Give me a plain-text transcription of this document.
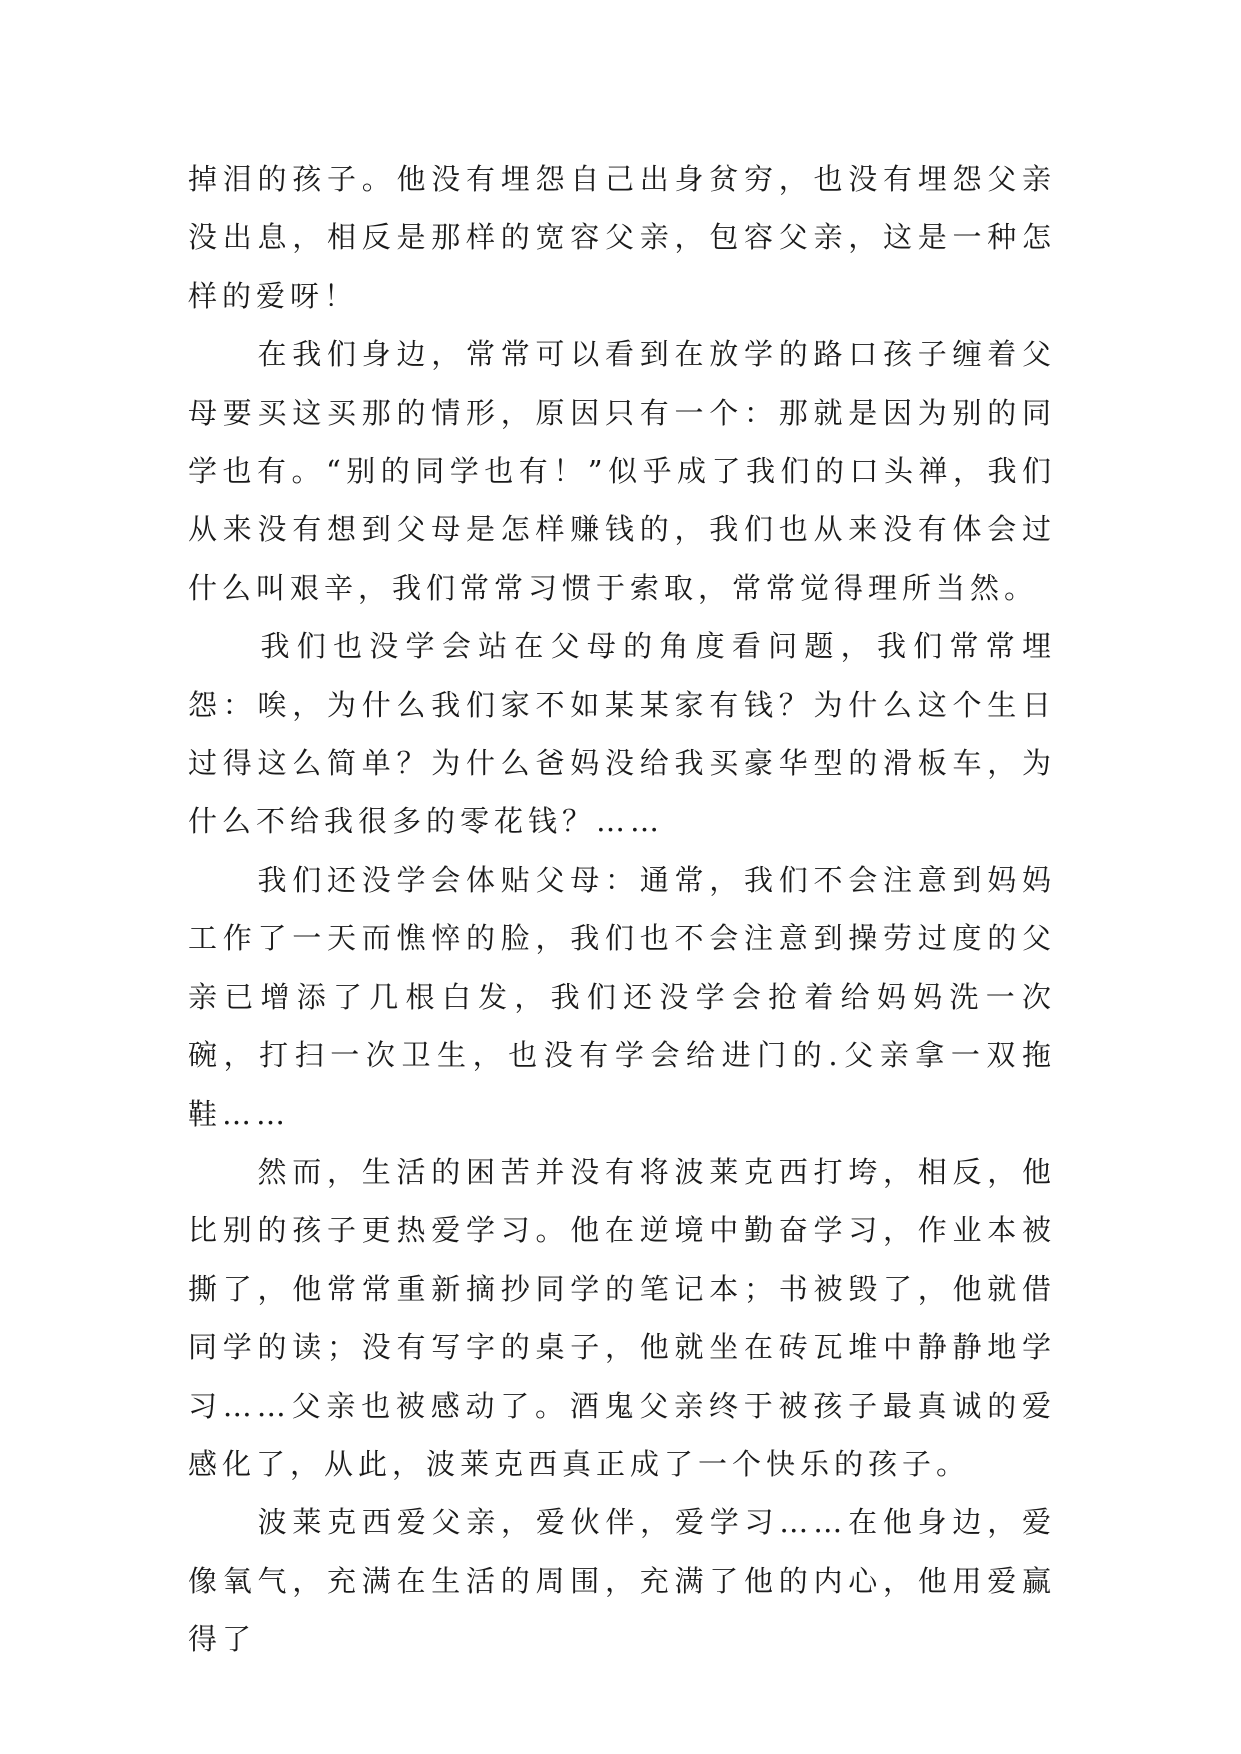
掉泪的孩子。他没有埋怨自己出身贫穷，也没有埋怨父亲没出息，相反是那样的宽容父亲，包容父亲，这是一种怎样的爱呀！

　　在我们身边，常常可以看到在放学的路口孩子缠着父母要买这买那的情形，原因只有一个：那就是因为别的同学也有。“别的同学也有！”似乎成了我们的口头禅，我们从来没有想到父母是怎样赚钱的，我们也从来没有体会过什么叫艰辛，我们常常习惯于索取，常常觉得理所当然。

　　我们也没学会站在父母的角度看问题，我们常常埋怨：唉，为什么我们家不如某某家有钱？为什么这个生日过得这么简单？为什么爸妈没给我买豪华型的滑板车，为什么不给我很多的零花钱？……

　　我们还没学会体贴父母：通常，我们不会注意到妈妈工作了一天而憔悴的脸，我们也不会注意到操劳过度的父亲已增添了几根白发，我们还没学会抢着给妈妈洗一次碗，打扫一次卫生，也没有学会给进门的.父亲拿一双拖鞋……

　　然而，生活的困苦并没有将波莱克西打垮，相反，他比别的孩子更热爱学习。他在逆境中勤奋学习，作业本被撕了，他常常重新摘抄同学的笔记本；书被毁了，他就借同学的读；没有写字的桌子，他就坐在砖瓦堆中静静地学习……父亲也被感动了。酒鬼父亲终于被孩子最真诚的爱感化了，从此，波莱克西真正成了一个快乐的孩子。

　　波莱克西爱父亲，爱伙伴，爱学习……在他身边，爱像氧气，充满在生活的周围，充满了他的内心，他用爱赢得了
